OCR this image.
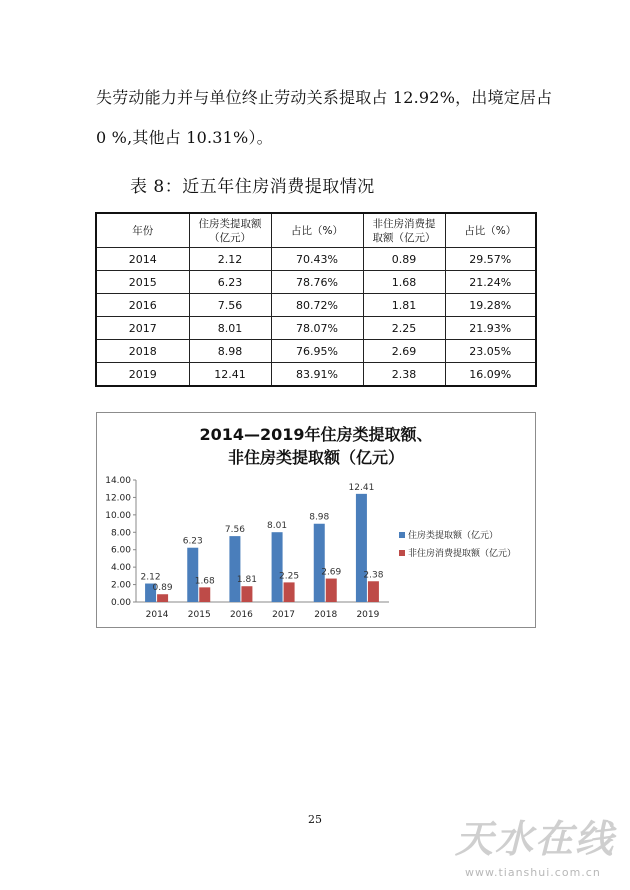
失劳动能力并与单位终止劳动关系提取占 12.92%，出境定居占
0 %,其他占 10.31%）。
表 8：近五年住房消费提取情况
年份	住房类提取额（亿元）	占比（%）	非住房消费提取额（亿元）	占比（%）
2014	2.12	70.43%	0.89	29.57%
2015	6.23	78.76%	1.68	21.24%
2016	7.56	80.72%	1.81	19.28%
2017	8.01	78.07%	2.25	21.93%
2018	8.98	76.95%	2.69	23.05%
2019	12.41	83.91%	2.38	16.09%
2014—2019年住房类提取额、
非住房类提取额（亿元）
0.00
2.00
4.00
6.00
8.00
10.00
12.00
14.00
2.12
0.89
2014
6.23
1.68
2015
7.56
1.81
2016
8.01
2.25
2017
8.98
2.69
2018
12.41
2.38
2019
住房类提取额（亿元）
非住房消费提取额（亿元）
25	天水在线
www.tianshui.com.cn
